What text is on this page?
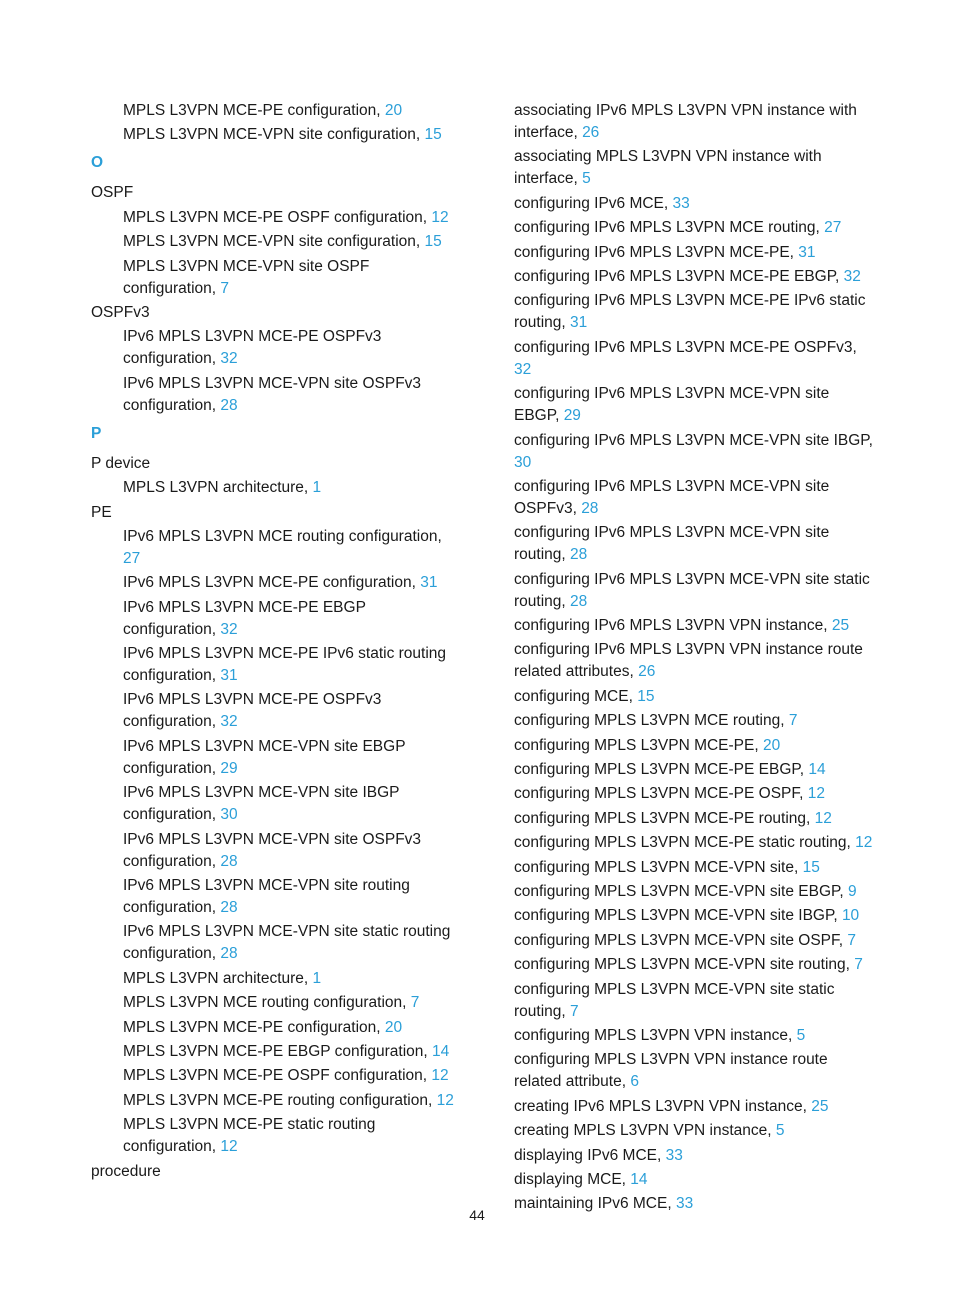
MPLS L3VPN MCE-PE configuration, 20
MPLS L3VPN MCE-VPN site configuration, 15
O
OSPF
MPLS L3VPN MCE-PE OSPF configuration, 12
MPLS L3VPN MCE-VPN site configuration, 15
MPLS L3VPN MCE-VPN site OSPF configuration, 7
OSPFv3
IPv6 MPLS L3VPN MCE-PE OSPFv3 configuration, 32
IPv6 MPLS L3VPN MCE-VPN site OSPFv3 configuration, 28
P
P device
MPLS L3VPN architecture, 1
PE
IPv6 MPLS L3VPN MCE routing configuration, 27
IPv6 MPLS L3VPN MCE-PE configuration, 31
IPv6 MPLS L3VPN MCE-PE EBGP configuration, 32
IPv6 MPLS L3VPN MCE-PE IPv6 static routing configuration, 31
IPv6 MPLS L3VPN MCE-PE OSPFv3 configuration, 32
IPv6 MPLS L3VPN MCE-VPN site EBGP configuration, 29
IPv6 MPLS L3VPN MCE-VPN site IBGP configuration, 30
IPv6 MPLS L3VPN MCE-VPN site OSPFv3 configuration, 28
IPv6 MPLS L3VPN MCE-VPN site routing configuration, 28
IPv6 MPLS L3VPN MCE-VPN site static routing configuration, 28
MPLS L3VPN architecture, 1
MPLS L3VPN MCE routing configuration, 7
MPLS L3VPN MCE-PE configuration, 20
MPLS L3VPN MCE-PE EBGP configuration, 14
MPLS L3VPN MCE-PE OSPF configuration, 12
MPLS L3VPN MCE-PE routing configuration, 12
MPLS L3VPN MCE-PE static routing configuration, 12
procedure
associating IPv6 MPLS L3VPN VPN instance with interface, 26
associating MPLS L3VPN VPN instance with interface, 5
configuring IPv6 MCE, 33
configuring IPv6 MPLS L3VPN MCE routing, 27
configuring IPv6 MPLS L3VPN MCE-PE, 31
configuring IPv6 MPLS L3VPN MCE-PE EBGP, 32
configuring IPv6 MPLS L3VPN MCE-PE IPv6 static routing, 31
configuring IPv6 MPLS L3VPN MCE-PE OSPFv3, 32
configuring IPv6 MPLS L3VPN MCE-VPN site EBGP, 29
configuring IPv6 MPLS L3VPN MCE-VPN site IBGP, 30
configuring IPv6 MPLS L3VPN MCE-VPN site OSPFv3, 28
configuring IPv6 MPLS L3VPN MCE-VPN site routing, 28
configuring IPv6 MPLS L3VPN MCE-VPN site static routing, 28
configuring IPv6 MPLS L3VPN VPN instance, 25
configuring IPv6 MPLS L3VPN VPN instance route related attributes, 26
configuring MCE, 15
configuring MPLS L3VPN MCE routing, 7
configuring MPLS L3VPN MCE-PE, 20
configuring MPLS L3VPN MCE-PE EBGP, 14
configuring MPLS L3VPN MCE-PE OSPF, 12
configuring MPLS L3VPN MCE-PE routing, 12
configuring MPLS L3VPN MCE-PE static routing, 12
configuring MPLS L3VPN MCE-VPN site, 15
configuring MPLS L3VPN MCE-VPN site EBGP, 9
configuring MPLS L3VPN MCE-VPN site IBGP, 10
configuring MPLS L3VPN MCE-VPN site OSPF, 7
configuring MPLS L3VPN MCE-VPN site routing, 7
configuring MPLS L3VPN MCE-VPN site static routing, 7
configuring MPLS L3VPN VPN instance, 5
configuring MPLS L3VPN VPN instance route related attribute, 6
creating IPv6 MPLS L3VPN VPN instance, 25
creating MPLS L3VPN VPN instance, 5
displaying IPv6 MCE, 33
displaying MCE, 14
maintaining IPv6 MCE, 33
44
